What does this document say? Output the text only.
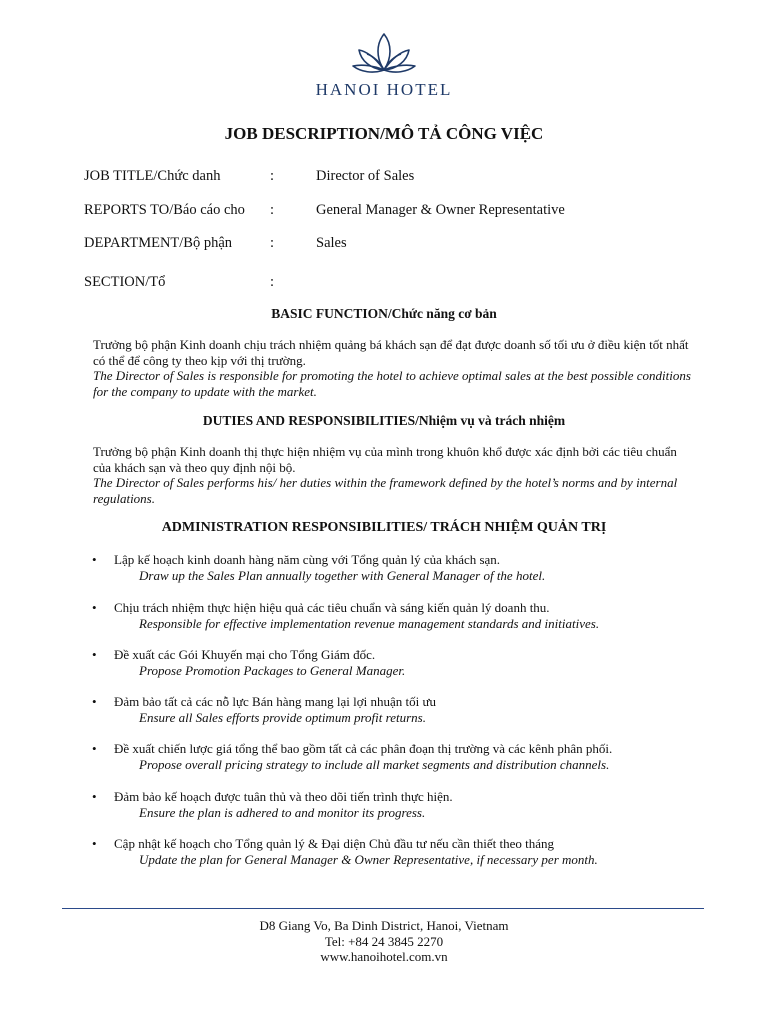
HANOI HOTEL
JOB DESCRIPTION/MÔ TẢ CÔNG VIỆC
JOB TITLE/Chức danh	:	Director of Sales
REPORTS TO/Báo cáo cho :	General Manager & Owner Representative
DEPARTMENT/Bộ phận	:	Sales
SECTION/Tổ	:
BASIC FUNCTION/Chức năng cơ bản
Trưởng bộ phận Kinh doanh chịu trách nhiệm quảng bá khách sạn để đạt được doanh số tối ưu ở điều kiện tốt nhất có thể để công ty theo kịp với thị trường.
The Director of Sales is responsible for promoting the hotel to achieve optimal sales at the best possible conditions for the company to update with the market.
DUTIES AND RESPONSIBILITIES/Nhiệm vụ và trách nhiệm
Trưởng bộ phận Kinh doanh thị thực hiện nhiệm vụ của mình trong khuôn khổ được xác định bởi các tiêu chuẩn của khách sạn và theo quy định nội bộ.
The Director of Sales performs his/ her duties within the framework defined by the hotel’s norms and by internal regulations.
ADMINISTRATION RESPONSIBILITIES/ TRÁCH NHIỆM QUẢN TRỊ
• Lập kế hoạch kinh doanh hàng năm cùng với Tổng quản lý của khách sạn.
Draw up the Sales Plan annually together with General Manager of the hotel.
• Chịu trách nhiệm thực hiện hiệu quả các tiêu chuẩn và sáng kiến quản lý doanh thu.
Responsible for effective implementation revenue management standards and initiatives.
• Đề xuất các Gói Khuyến mại cho Tổng Giám đốc.
Propose Promotion Packages to General Manager.
• Đảm bảo tất cả các nỗ lực Bán hàng mang lại lợi nhuận tối ưu
Ensure all Sales efforts provide optimum profit returns.
• Đề xuất chiến lược giá tổng thể bao gồm tất cả các phân đoạn thị trường và các kênh phân phối.
Propose overall pricing strategy to include all market segments and distribution channels.
• Đảm bảo kế hoạch được tuân thủ và theo dõi tiến trình thực hiện.
Ensure the plan is adhered to and monitor its progress.
• Cập nhật kế hoạch cho Tổng quản lý & Đại diện Chủ đầu tư nếu cần thiết theo tháng
Update the plan for General Manager & Owner Representative, if necessary per month.
D8 Giang Vo, Ba Dinh District, Hanoi, Vietnam
Tel: +84 24 3845 2270
www.hanoihotel.com.vn
